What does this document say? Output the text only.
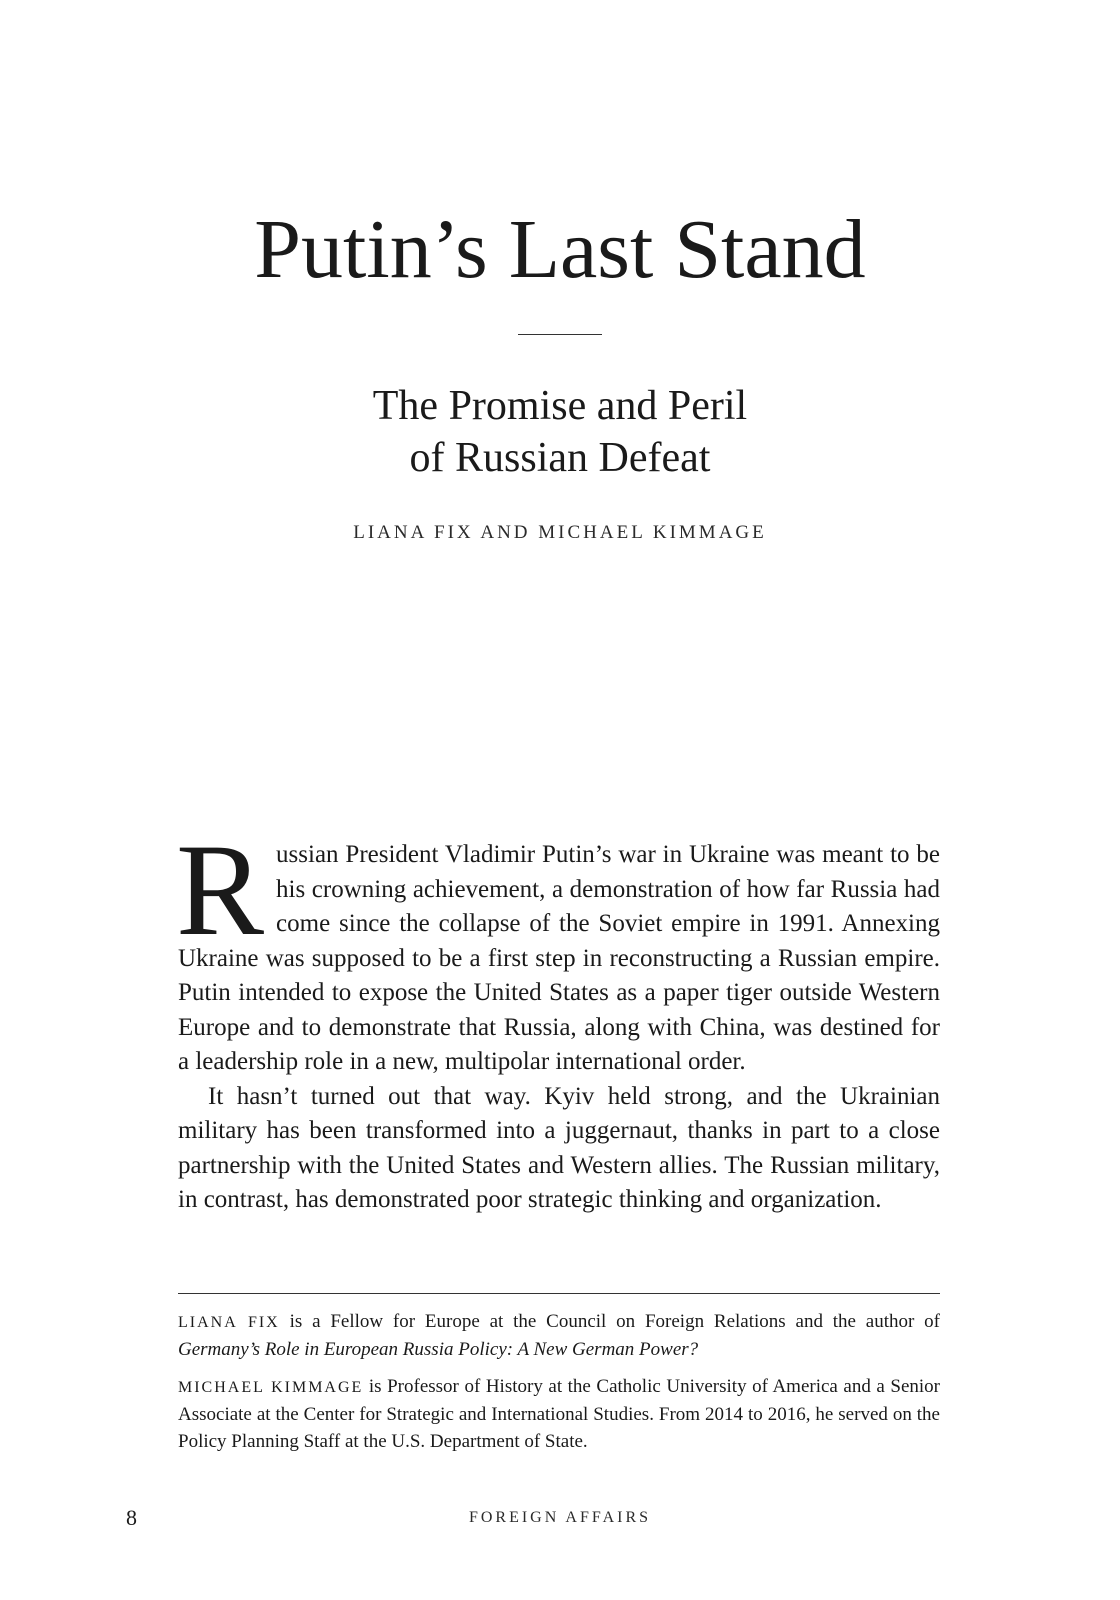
Putin’s Last Stand
The Promise and Peril
of Russian Defeat
LIANA FIX AND MICHAEL KIMMAGE

Russian President Vladimir Putin’s war in Ukraine was meant to be his crowning achievement, a demonstration of how far Russia had come since the collapse of the Soviet empire in 1991. Annexing Ukraine was supposed to be a first step in reconstructing a Russian empire. Putin intended to expose the United States as a paper tiger outside Western Europe and to demonstrate that Russia, along with China, was destined for a leadership role in a new, multipolar international order.

It hasn’t turned out that way. Kyiv held strong, and the Ukrainian military has been transformed into a juggernaut, thanks in part to a close partnership with the United States and Western allies. The Russian military, in contrast, has demonstrated poor strategic thinking and organization.

LIANA FIX is a Fellow for Europe at the Council on Foreign Relations and the author of Germany’s Role in European Russia Policy: A New German Power?

MICHAEL KIMMAGE is Professor of History at the Catholic University of America and a Senior Associate at the Center for Strategic and International Studies. From 2014 to 2016, he served on the Policy Planning Staff at the U.S. Department of State.

8	FOREIGN AFFAIRS
